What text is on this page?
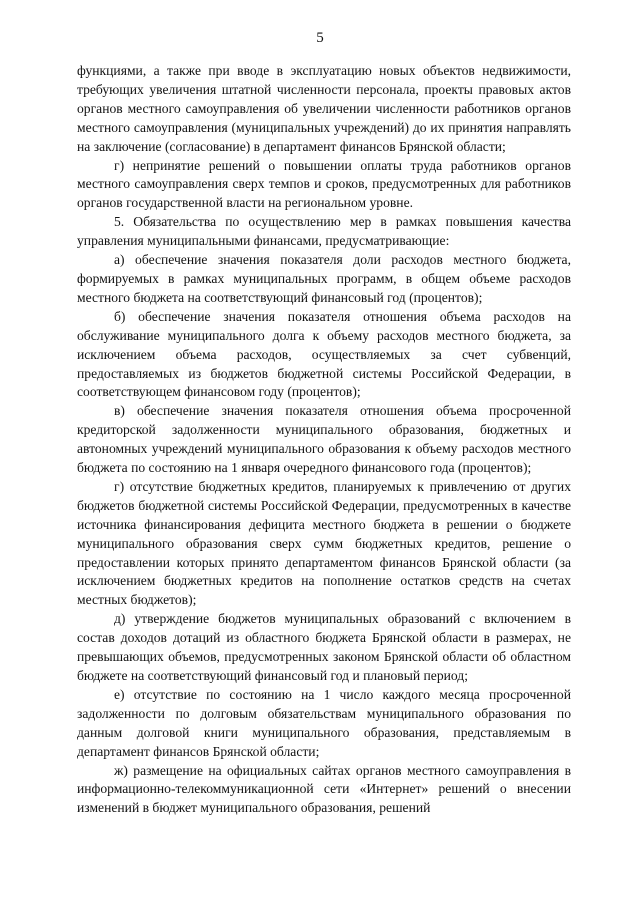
5

функциями, а также при вводе в эксплуатацию новых объектов недвижимости, требующих увеличения штатной численности персонала, проекты правовых актов органов местного самоуправления об увеличении численности работников органов местного самоуправления (муниципальных учреждений) до их принятия направлять на заключение (согласование) в департамент финансов Брянской области;

г) непринятие решений о повышении оплаты труда работников органов местного самоуправления сверх темпов и сроков, предусмотренных для работников органов государственной власти на региональном уровне.

5. Обязательства по осуществлению мер в рамках повышения качества управления муниципальными финансами, предусматривающие:

а) обеспечение значения показателя доли расходов местного бюджета, формируемых в рамках муниципальных программ, в общем объеме расходов местного бюджета на соответствующий финансовый год (процентов);

б) обеспечение значения показателя отношения объема расходов на обслуживание муниципального долга к объему расходов местного бюджета, за исключением объема расходов, осуществляемых за счет субвенций, предоставляемых из бюджетов бюджетной системы Российской Федерации, в соответствующем финансовом году (процентов);

в) обеспечение значения показателя отношения объема просроченной кредиторской задолженности муниципального образования, бюджетных и автономных учреждений муниципального образования к объему расходов местного бюджета по состоянию на 1 января очередного финансового года (процентов);

г) отсутствие бюджетных кредитов, планируемых к привлечению от других бюджетов бюджетной системы Российской Федерации, предусмотренных в качестве источника финансирования дефицита местного бюджета в решении о бюджете муниципального образования сверх сумм бюджетных кредитов, решение о предоставлении которых принято департаментом финансов Брянской области (за исключением бюджетных кредитов на пополнение остатков средств на счетах местных бюджетов);

д) утверждение бюджетов муниципальных образований с включением в состав доходов дотаций из областного бюджета Брянской области в размерах, не превышающих объемов, предусмотренных законом Брянской области об областном бюджете на соответствующий финансовый год и плановый период;

е) отсутствие по состоянию на 1 число каждого месяца просроченной задолженности по долговым обязательствам муниципального образования по данным долговой книги муниципального образования, представляемым в департамент финансов Брянской области;

ж) размещение на официальных сайтах органов местного самоуправления в информационно-телекоммуникационной сети «Интернет» решений о внесении изменений в бюджет муниципального образования, решений
